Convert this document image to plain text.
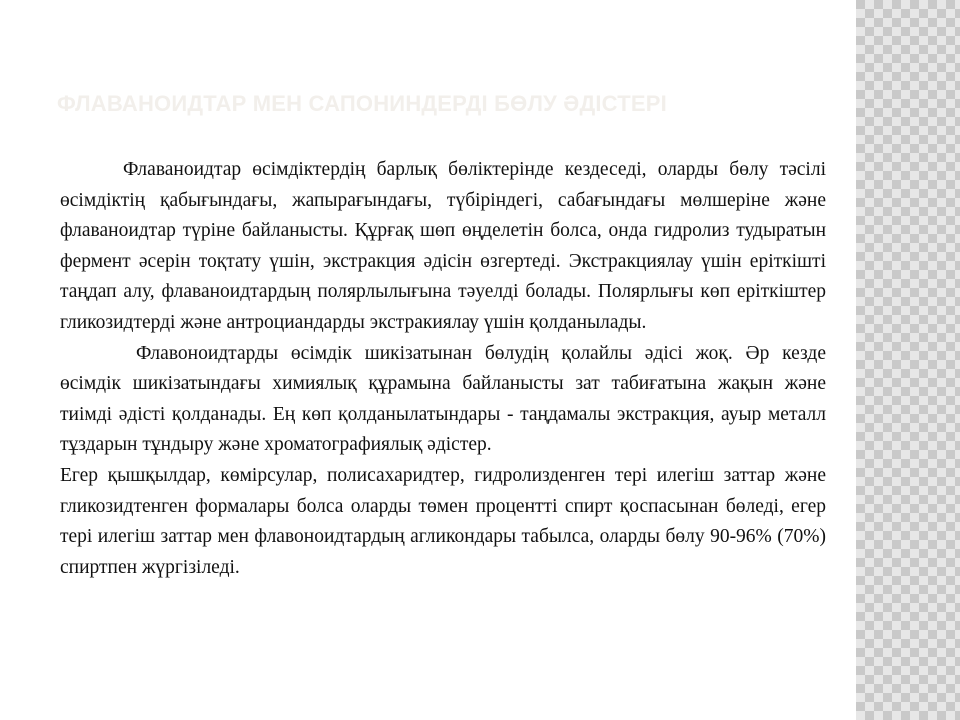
ФЛАВАНОИДТАР МЕН САПОНИНДЕРДІ БӨЛУ ӘДІСТЕРІ

Флаваноидтар өсімдіктердің барлық бөліктерінде кездеседі, оларды бөлу тәсілі өсімдіктің қабығындағы, жапырағындағы, түбіріндегі, сабағындағы мөлшеріне және флаваноидтар түріне байланысты. Құрғақ шөп өңделетін болса, онда гидролиз тудыратын фермент әсерін тоқтату үшін, экстракция әдісін өзгертеді. Экстракциялау үшін еріткішті таңдап алу, флаваноидтардың полярлылығына тәуелді болады. Полярлығы көп еріткіштер гликозидтерді және антроциандарды экстракиялау үшін қолданылады.

Флавоноидтарды өсімдік шикізатынан бөлудің қолайлы әдісі жоқ. Әр кезде өсімдік шикізатындағы химиялық құрамына байланысты зат табиғатына жақын және тиімді әдісті қолданады. Ең көп қолданылатындары - таңдамалы экстракция, ауыр металл тұздарын тұндыру және хроматографиялық әдістер.

Егер қышқылдар, көмірсулар, полисахаридтер, гидролизденген тері илегіш заттар және гликозидтенген формалары болса оларды төмен процентті спирт қоспасынан бөледі, егер тері илегіш заттар мен флавоноидтардың агликондары табылса, оларды бөлу 90-96% (70%) спиртпен жүргізіледі.
